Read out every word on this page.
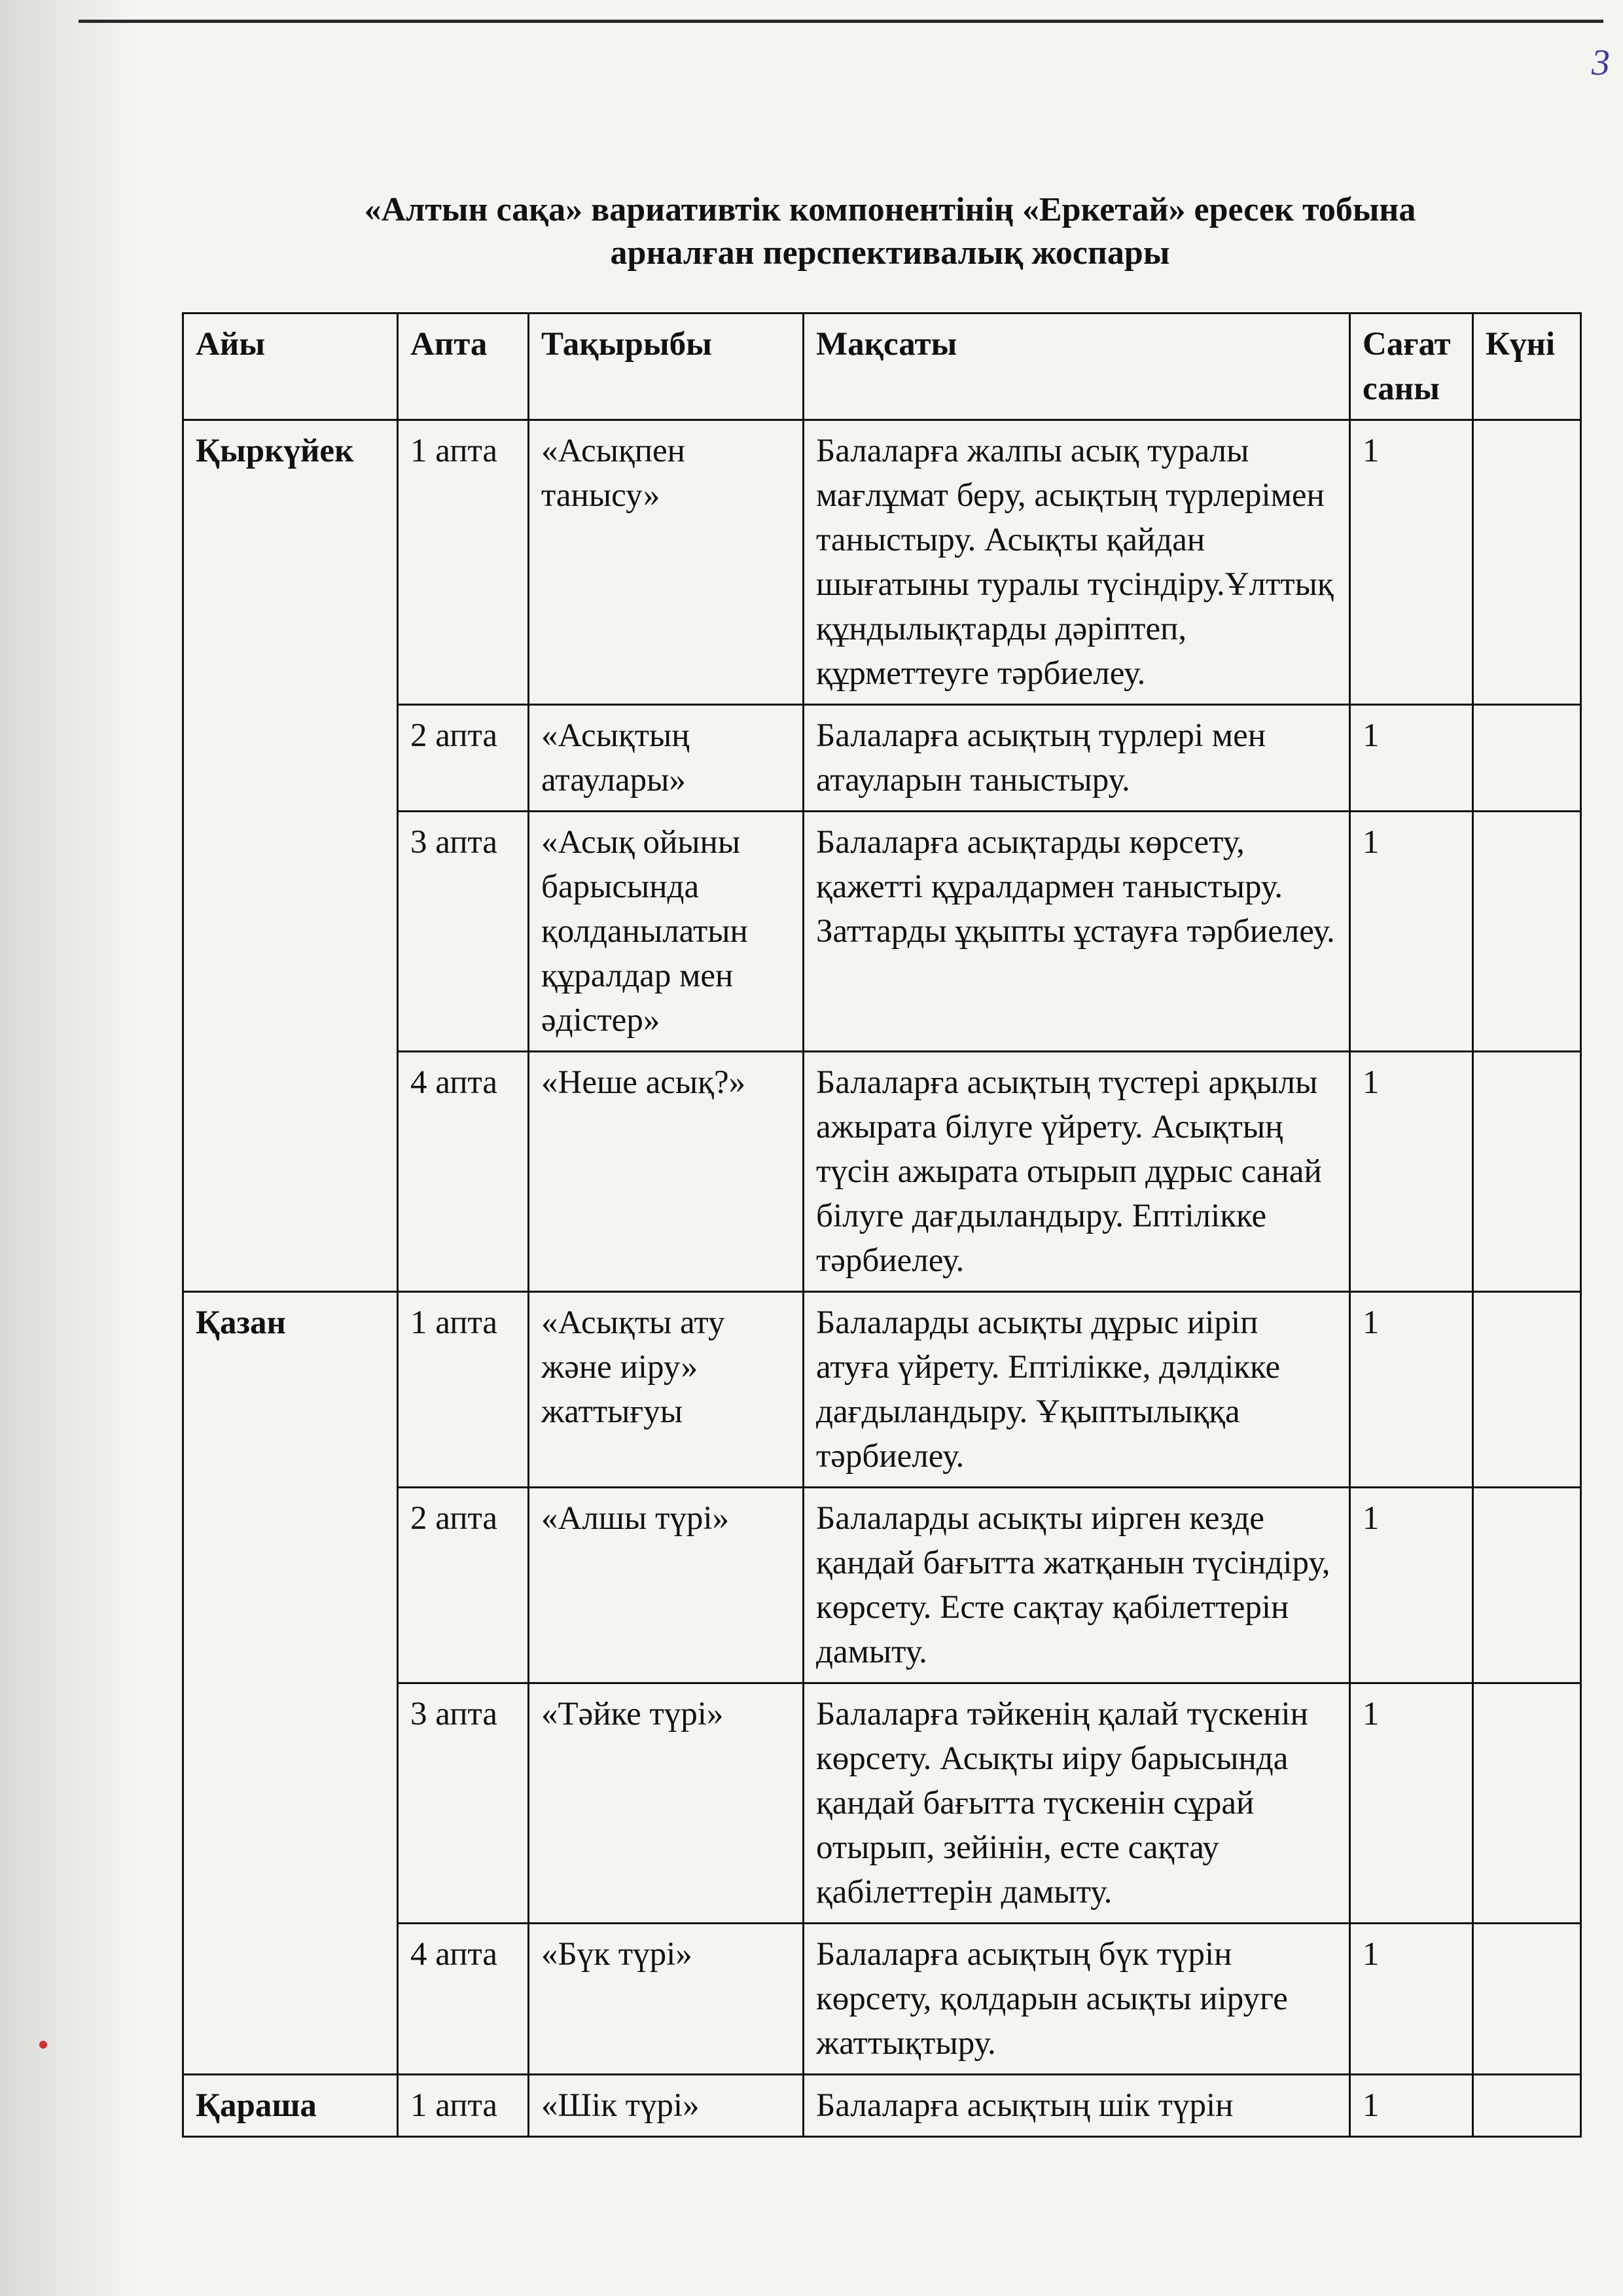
3
«Алтын сақа» вариативтік компонентінің «Еркетай» ересек тобына
арналған перспективалық жоспары
Айы	Апта	Тақырыбы	Мақсаты	Сағат саны	Күні
Қыркүйек	1 апта	«Асықпен танысу»	Балаларға жалпы асық туралы мағлұмат беру, асықтың түрлерімен таныстыру. Асықты қайдан шығатыны туралы түсіндіру.Ұлттық құндылықтарды дәріптеп, құрметтеуге тәрбиелеу.	1	
	2 апта	«Асықтың атаулары»	Балаларға асықтың түрлері мен атауларын таныстыру.	1	
	3 апта	«Асық ойыны барысында қолданылатын құралдар мен әдістер»	Балаларға асықтарды көрсету, қажетті құралдармен таныстыру. Заттарды ұқыпты ұстауға тәрбиелеу.	1	
	4 апта	«Неше асық?»	Балаларға асықтың түстері арқылы ажырата білуге үйрету. Асықтың түсін ажырата отырып дұрыс санай білуге дағдыландыру. Ептілікке тәрбиелеу.	1	
Қазан	1 апта	«Асықты ату және иіру» жаттығуы	Балаларды асықты дұрыс иіріп атуға үйрету. Ептілікке, дәлдікке дағдыландыру. Ұқыптылыққа тәрбиелеу.	1	
	2 апта	«Алшы түрі»	Балаларды асықты иірген кезде қандай бағытта жатқанын түсіндіру, көрсету. Есте сақтау қабілеттерін дамыту.	1	
	3 апта	«Тәйке түрі»	Балаларға тәйкенің қалай түскенін көрсету. Асықты иіру барысында қандай бағытта түскенін сұрай отырып, зейінін, есте сақтау қабілеттерін дамыту.	1	
	4 апта	«Бүк түрі»	Балаларға асықтың бүк түрін көрсету, қолдарын асықты иіруге жаттықтыру.	1	
Қараша	1 апта	«Шік түрі»	Балаларға асықтың шік түрін	1	
